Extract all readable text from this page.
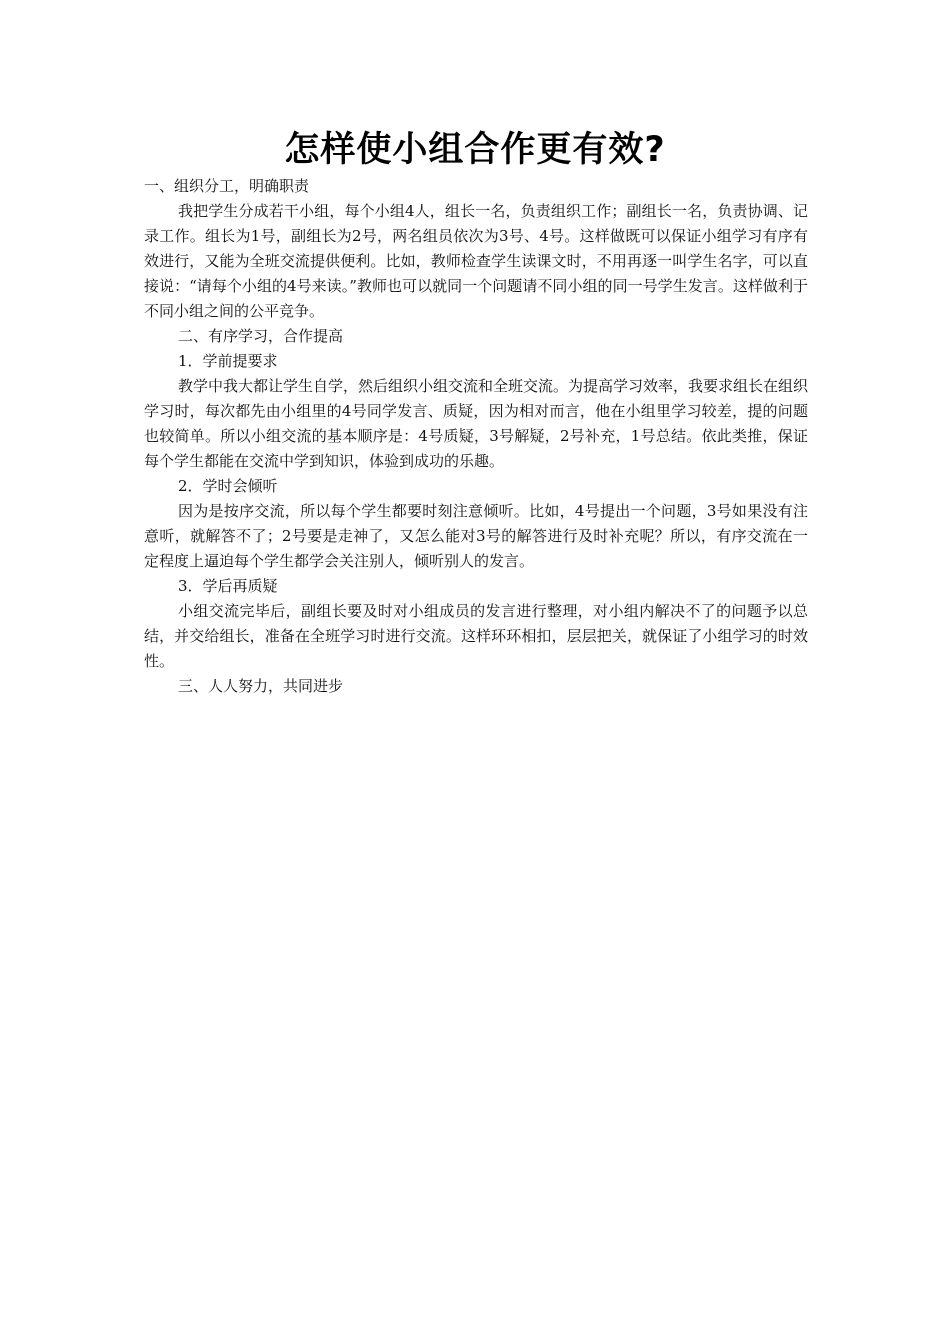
怎样使小组合作更有效?

一、组织分工，明确职责

我把学生分成若干小组，每个小组4人，组长一名，负责组织工作；副组长一名，负责协调、记录工作。组长为1号，副组长为2号，两名组员依次为3号、4号。这样做既可以保证小组学习有序有效进行，又能为全班交流提供便利。比如，教师检查学生读课文时，不用再逐一叫学生名字，可以直接说：“请每个小组的4号来读。”教师也可以就同一个问题请不同小组的同一号学生发言。这样做利于不同小组之间的公平竞争。

二、有序学习，合作提高

1．学前提要求

教学中我大都让学生自学，然后组织小组交流和全班交流。为提高学习效率，我要求组长在组织学习时，每次都先由小组里的4号同学发言、质疑，因为相对而言，他在小组里学习较差，提的问题也较简单。所以小组交流的基本顺序是：4号质疑，3号解疑，2号补充，1号总结。依此类推，保证每个学生都能在交流中学到知识，体验到成功的乐趣。

2．学时会倾听

因为是按序交流，所以每个学生都要时刻注意倾听。比如，4号提出一个问题，3号如果没有注意听，就解答不了；2号要是走神了，又怎么能对3号的解答进行及时补充呢？所以，有序交流在一定程度上逼迫每个学生都学会关注别人，倾听别人的发言。

3．学后再质疑

小组交流完毕后，副组长要及时对小组成员的发言进行整理，对小组内解决不了的问题予以总结，并交给组长，准备在全班学习时进行交流。这样环环相扣，层层把关，就保证了小组学习的时效性。

三、人人努力，共同进步
